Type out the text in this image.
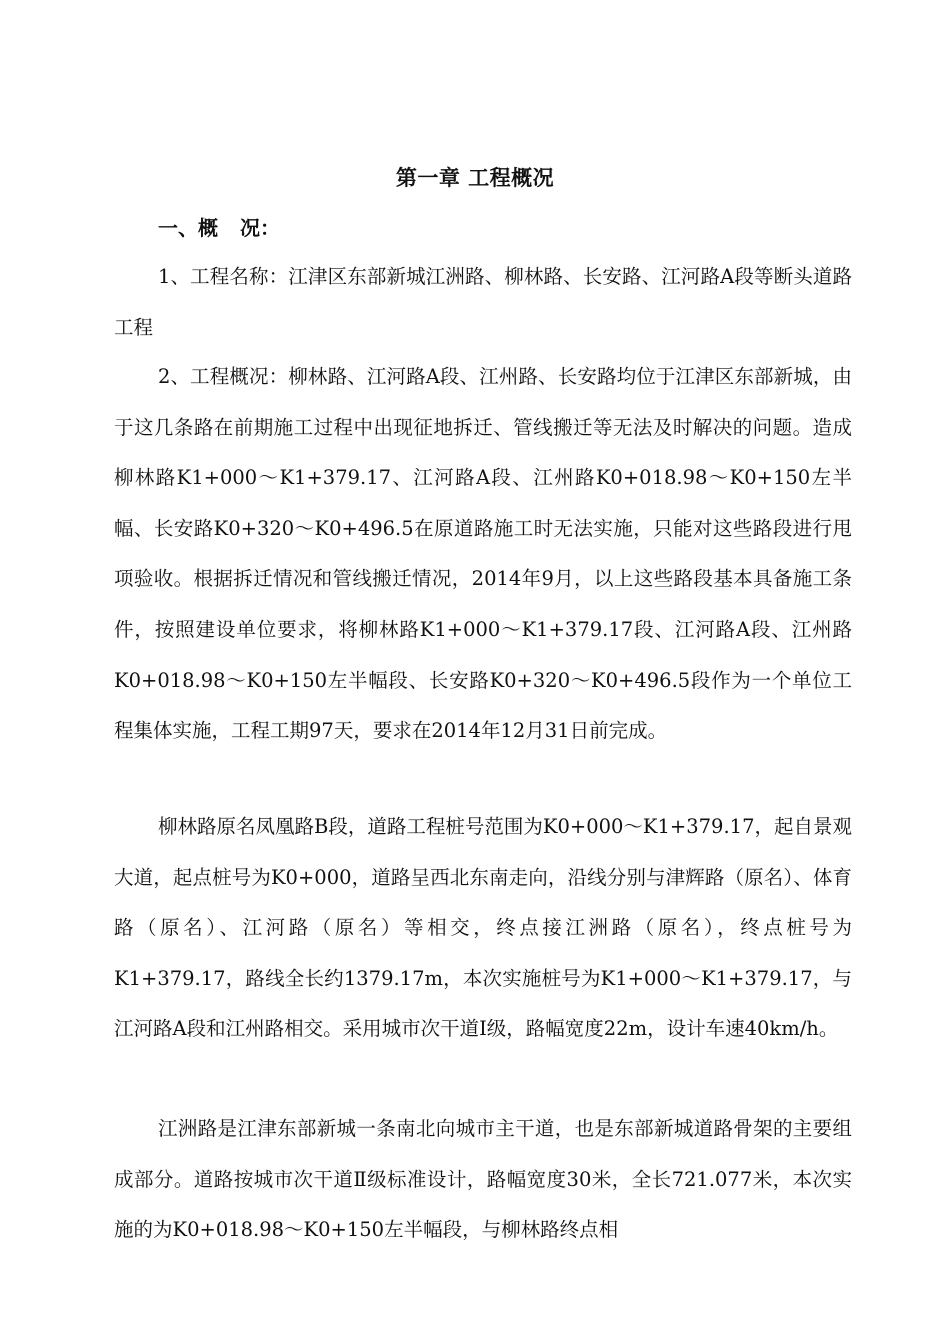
第一章 工程概况
一、概 况：

1、工程名称：江津区东部新城江洲路、柳林路、长安路、江河路A段等断头道路工程

2、工程概况：柳林路、江河路A段、江州路、长安路均位于江津区东部新城，由于这几条路在前期施工过程中出现征地拆迁、管线搬迁等无法及时解决的问题。造成柳林路K1+000～K1+379.17、江河路A段、江州路K0+018.98～K0+150左半幅、长安路K0+320～K0+496.5在原道路施工时无法实施，只能对这些路段进行甩项验收。根据拆迁情况和管线搬迁情况，2014年9月，以上这些路段基本具备施工条件，按照建设单位要求，将柳林路K1+000～K1+379.17段、江河路A段、江州路K0+018.98～K0+150左半幅段、长安路K0+320～K0+496.5段作为一个单位工程集体实施，工程工期97天，要求在2014年12月31日前完成。

柳林路原名凤凰路B段，道路工程桩号范围为K0+000～K1+379.17，起自景观大道，起点桩号为K0+000，道路呈西北东南走向，沿线分别与津辉路（原名）、体育路（原名）、江河路（原名）等相交，终点接江洲路（原名），终点桩号为K1+379.17，路线全长约1379.17m，本次实施桩号为K1+000～K1+379.17，与江河路A段和江州路相交。采用城市次干道Ⅰ级，路幅宽度22m，设计车速40km/h。

江洲路是江津东部新城一条南北向城市主干道，也是东部新城道路骨架的主要组成部分。道路按城市次干道Ⅱ级标准设计，路幅宽度30米，全长721.077米，本次实施的为K0+018.98～K0+150左半幅段，与柳林路终点相
